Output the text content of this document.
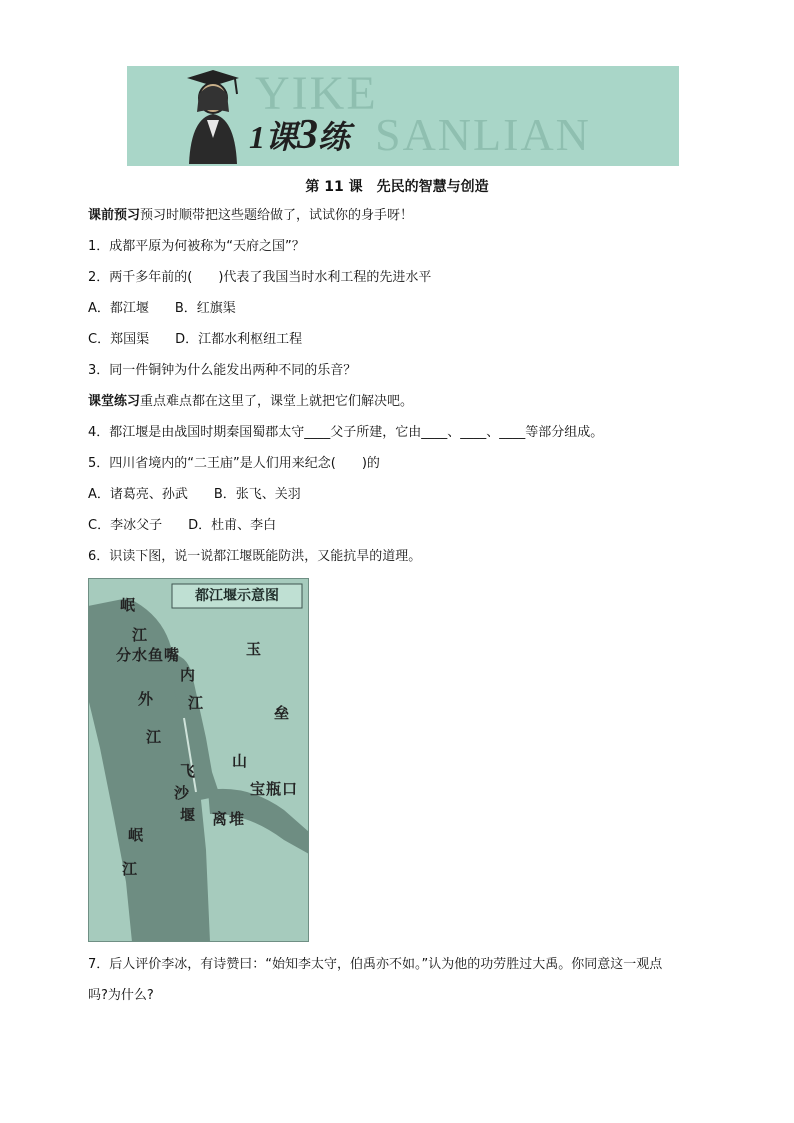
YIKE
SANLIAN
1课3练
第 11 课　先民的智慧与创造
课前预习预习时顺带把这些题给做了，试试你的身手呀！
1．成都平原为何被称为“天府之国”？
2．两千多年前的(　　)代表了我国当时水利工程的先进水平
A．都江堰　　B．红旗渠
C．郑国渠　　D．江都水利枢纽工程
3．同一件铜钟为什么能发出两种不同的乐音？
课堂练习重点难点都在这里了，课堂上就把它们解决吧。
4．都江堰是由战国时期秦国蜀郡太守____父子所建，它由____、____、____等部分组成。
5．四川省境内的“二王庙”是人们用来纪念(　　)的
A．诸葛亮、孙武　　B．张飞、关羽
C．李冰父子　　D．杜甫、李白
6．识读下图，说一说都江堰既能防洪，又能抗旱的道理。
都江堰示意图
岷
江
分水鱼嘴
内
江
外
江
玉
垒
山
宝瓶口
飞
沙
堰 离堆
岷
江
7．后人评价李冰，有诗赞曰：“始知李太守，伯禹亦不如。”认为他的功劳胜过大禹。你同意这一观点
吗?为什么?
